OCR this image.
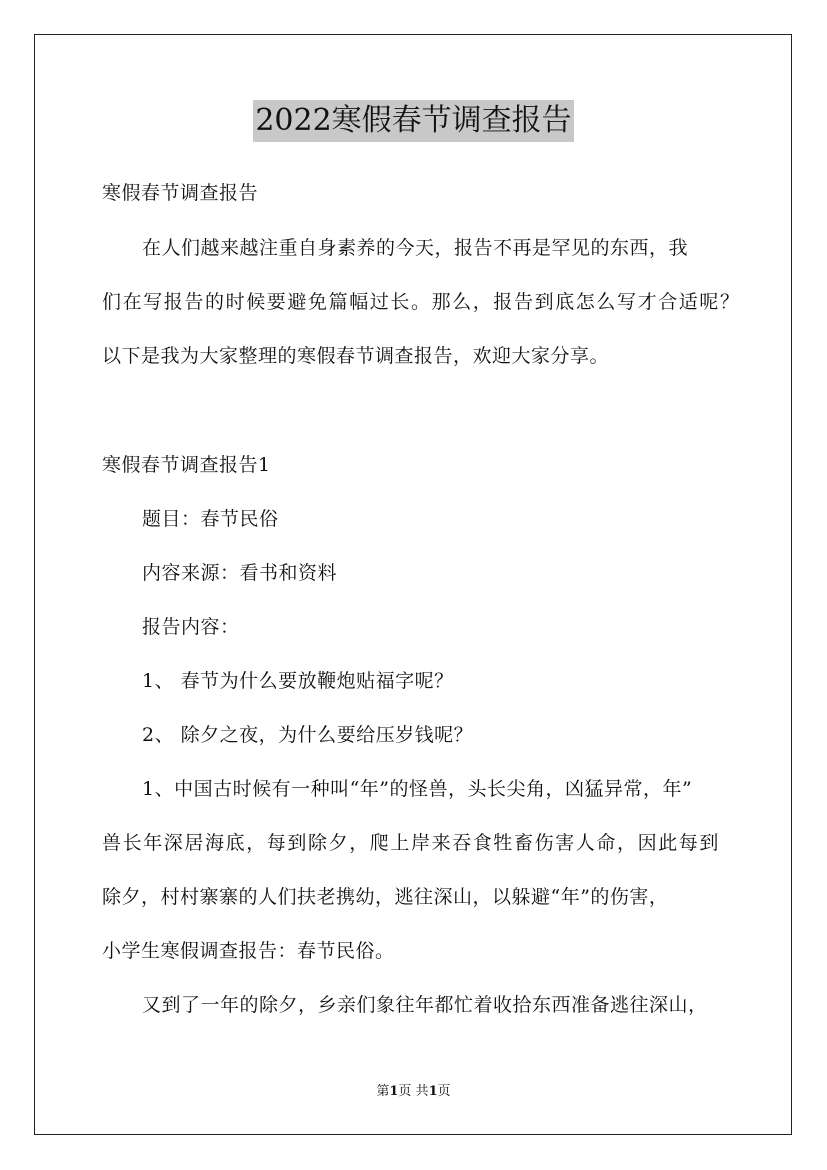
2022寒假春节调查报告
寒假春节调查报告
在人们越来越注重自身素养的今天，报告不再是罕见的东西，我
们在写报告的时候要避免篇幅过长。那么，报告到底怎么写才合适呢？
以下是我为大家整理的寒假春节调查报告，欢迎大家分享。
寒假春节调查报告1
题目：春节民俗
内容来源：看书和资料
报告内容：
1、 春节为什么要放鞭炮贴福字呢？
2、 除夕之夜，为什么要给压岁钱呢？
1、中国古时候有一种叫“年”的怪兽，头长尖角，凶猛异常，年”
兽长年深居海底，每到除夕，爬上岸来吞食牲畜伤害人命，因此每到
除夕，村村寨寨的人们扶老携幼，逃往深山，以躲避“年”的伤害，
小学生寒假调查报告：春节民俗。
又到了一年的除夕，乡亲们象往年都忙着收拾东西准备逃往深山，
第1页 共1页
